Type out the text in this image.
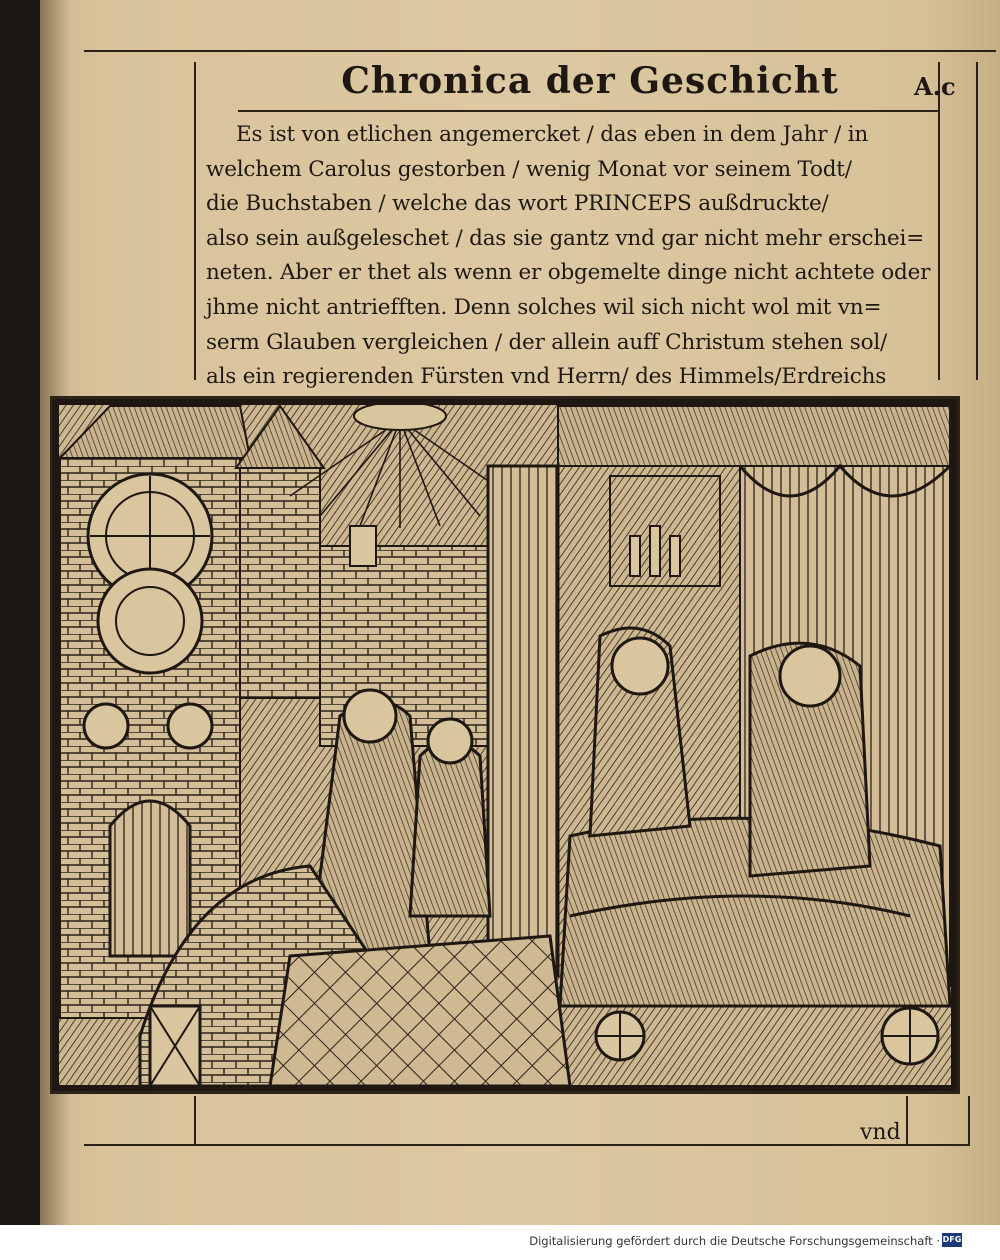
Chronica der Geschicht	A.c
Es ist von etlichen angemercket / das eben in dem Jahr / in
welchem Carolus gestorben / wenig Monat vor seinem Todt/
die Buchstaben / welche das wort PRINCEPS außdruckte/
also sein außgeleschet / das sie gantz vnd gar nicht mehr erschei=
neten. Aber er thet als wenn er obgemelte dinge nicht achtete oder
jhme nicht antriefften. Denn solches wil sich nicht wol mit vn=
serm Glauben vergleichen / der allein auff Christum stehen sol/
als ein regierenden Fürsten vnd Herrn/ des Himmels/Erdreichs
vnd
Digitalisierung gefördert durch die Deutsche Forschungsgemeinschaft · DFG
